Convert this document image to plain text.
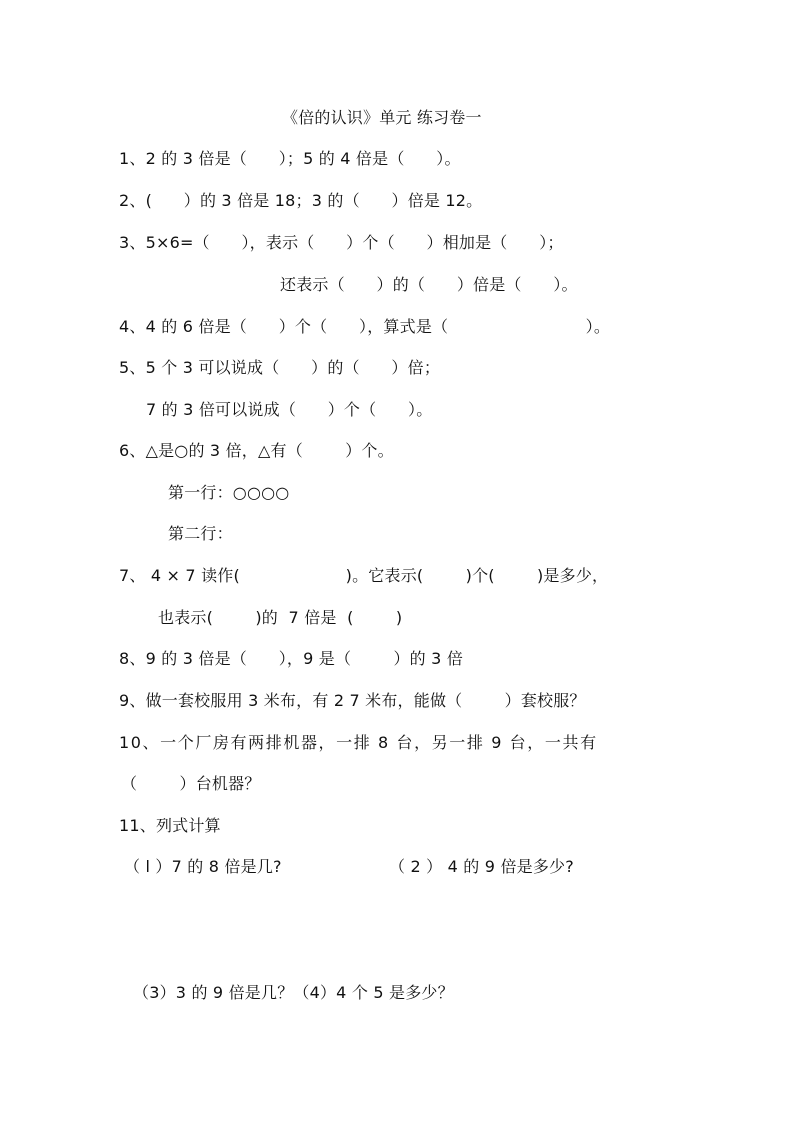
《倍的认识》单元 练习卷一
1、2 的 3 倍是（      ）；5 的 4 倍是（      ）。
2、(      ）的 3 倍是 18；3 的（      ）倍是 12。
3、5×6=（      ），表示（      ）个（      ）相加是（      ）；
还表示（      ）的（      ）倍是（      ）。
4、4 的 6 倍是（      ）个（      ），算式是（                          ）。
5、5 个 3 可以说成（      ）的（      ）倍；
7 的 3 倍可以说成（      ）个（      ）。
6、△是○的 3 倍，△有（        ）个。
第一行：○○○○
第二行：
7、 4 × 7 读作(                    )。它表示(        )个(        )是多少，
也表示(        )的  7 倍是  (        )
8、9 的 3 倍是（      ），9 是（        ）的 3 倍
9、做一套校服用 3 米布，有 2 7 米布，能做（        ）套校服？
10、一个厂房有两排机器，一排 8 台，另一排 9 台，一共有
（        ）台机器？
11、列式计算
（ l ）7 的 8 倍是几?	（ 2 ） 4 的 9 倍是多少?
（3）3 的 9 倍是几？（4）4 个 5 是多少？
